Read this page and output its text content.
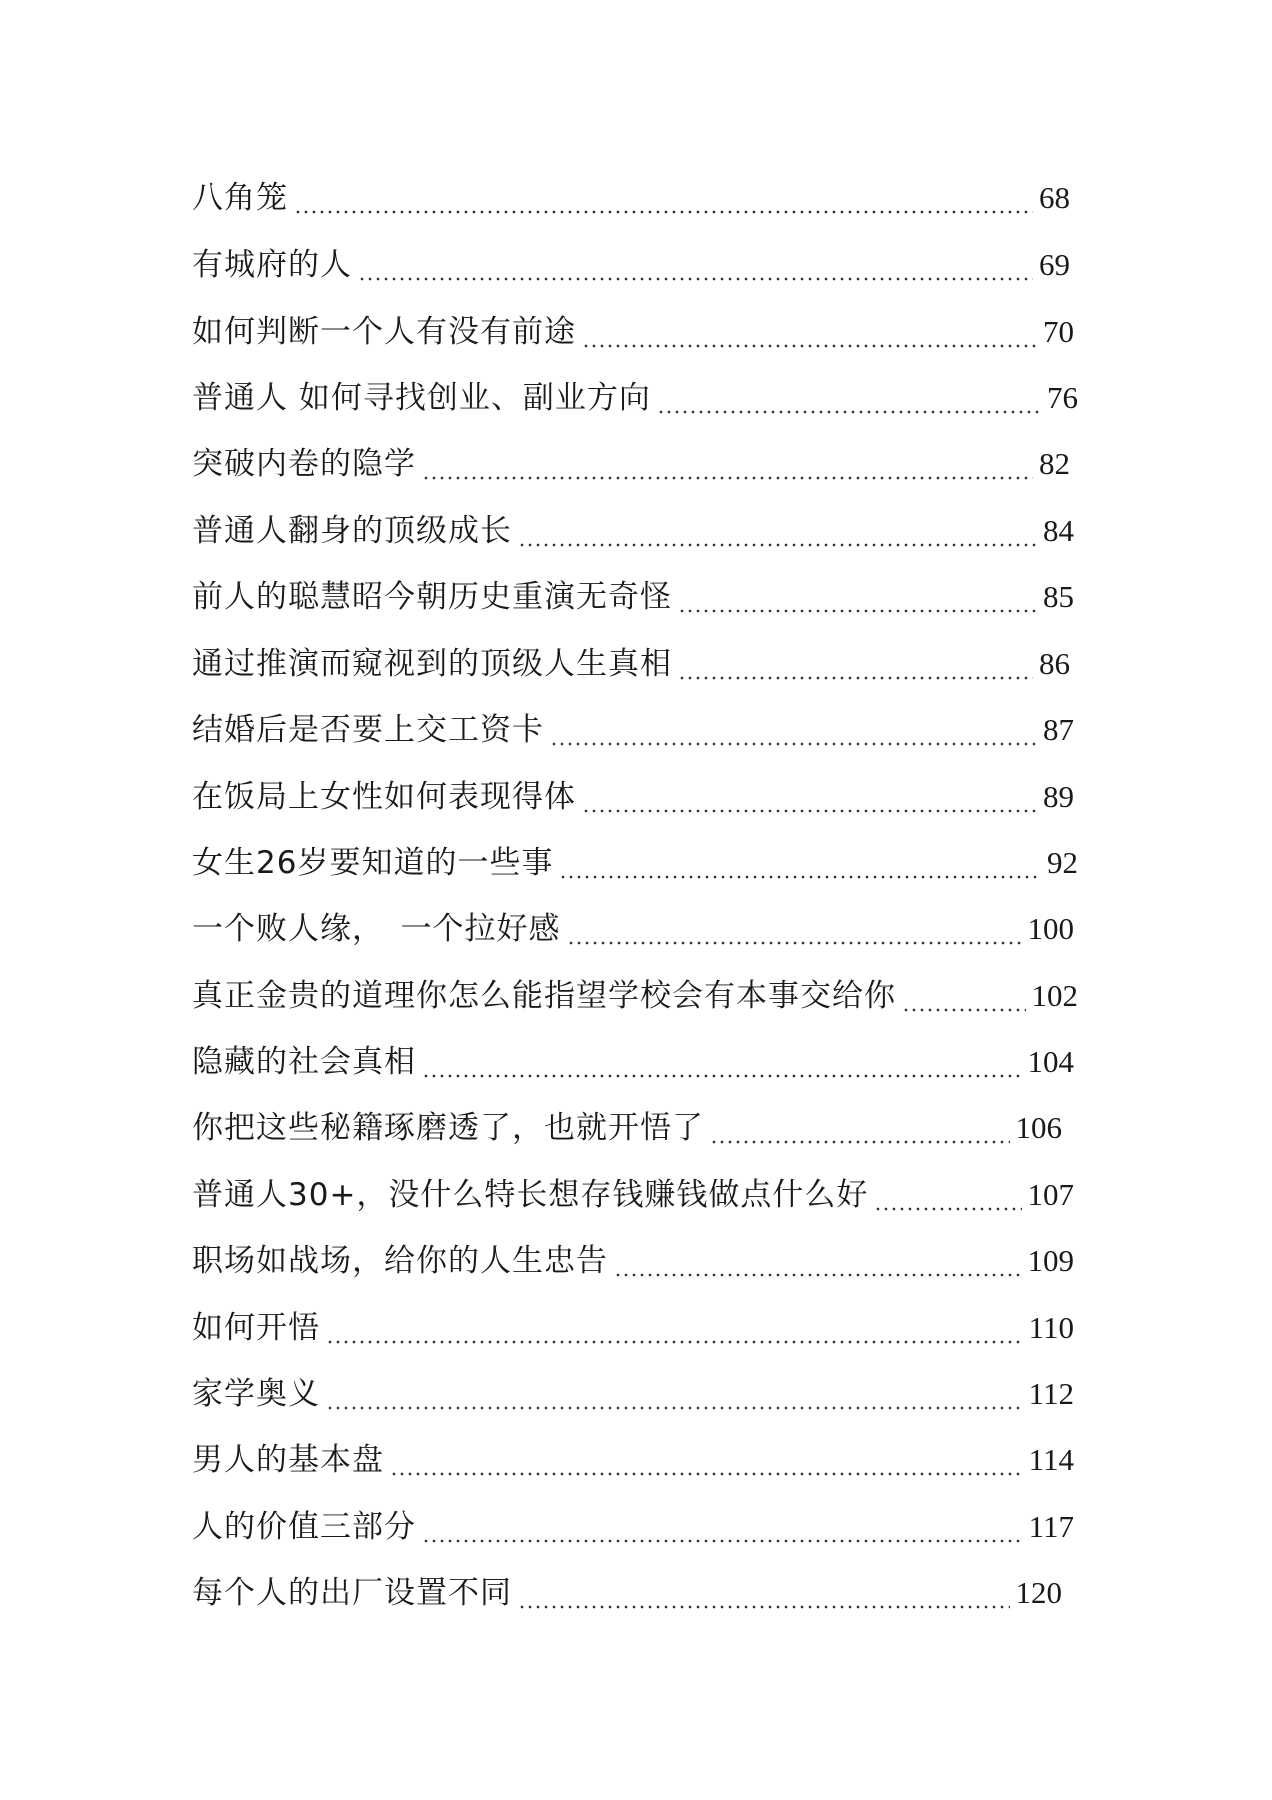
八角笼	68
有城府的人	69
如何判断一个人有没有前途	70
普通人 如何寻找创业、副业方向	76
突破内卷的隐学	82
普通人翻身的顶级成长	84
前人的聪慧昭今朝历史重演无奇怪	85
通过推演而窥视到的顶级人生真相	86
结婚后是否要上交工资卡	87
在饭局上女性如何表现得体	89
女生26岁要知道的一些事	92
一个败人缘，　一个拉好感	100
真正金贵的道理你怎么能指望学校会有本事交给你	102
隐藏的社会真相	104
你把这些秘籍琢磨透了，也就开悟了	106
普通人30+，没什么特长想存钱赚钱做点什么好	107
职场如战场，给你的人生忠告	109
如何开悟	110
家学奥义	112
男人的基本盘	114
人的价值三部分	117
每个人的出厂设置不同	120
